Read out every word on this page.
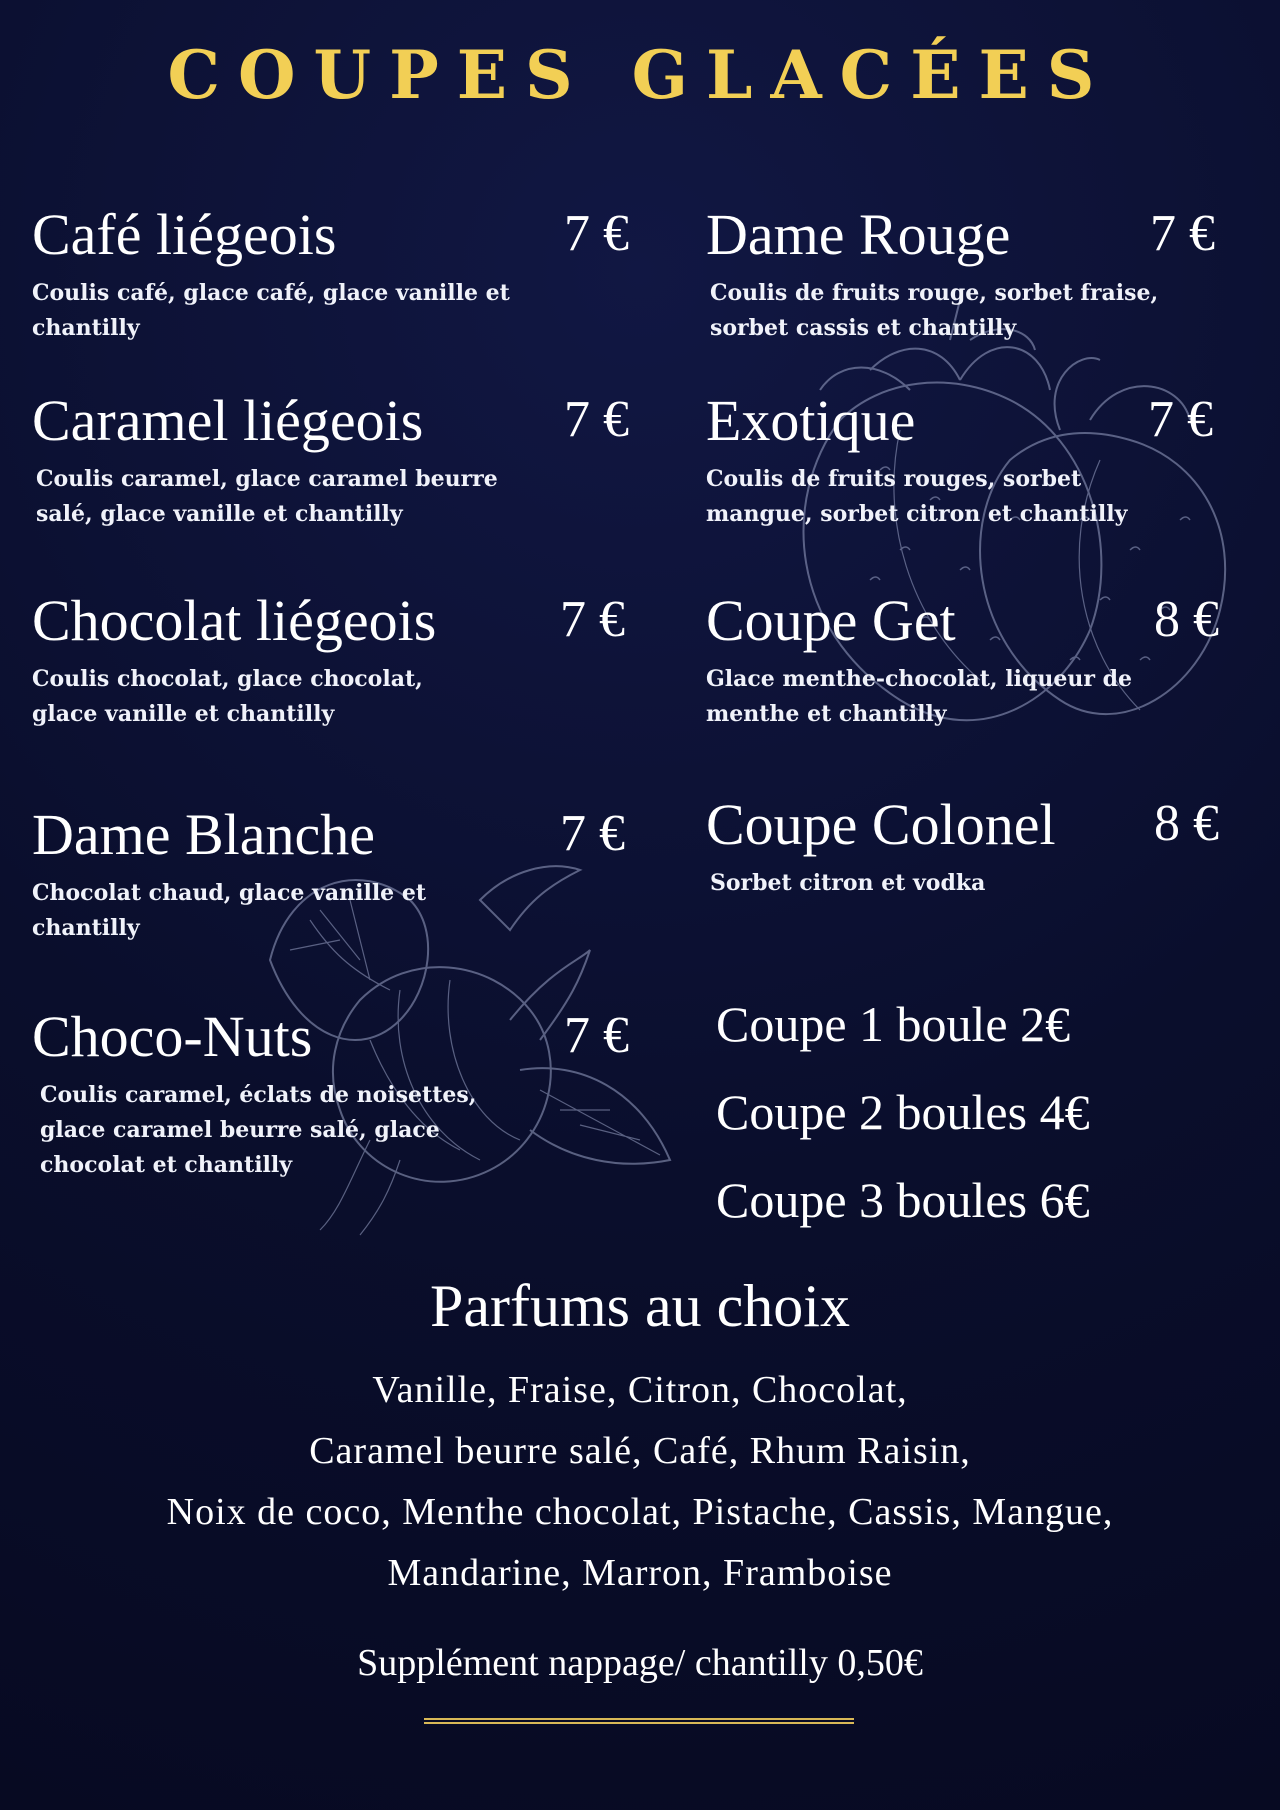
COUPES GLACÉES
Café liégeois	7 €
Coulis café, glace café, glace vanille et chantilly
Caramel liégeois	7 €
Coulis caramel, glace caramel beurre salé, glace vanille et chantilly
Chocolat liégeois	7 €
Coulis chocolat, glace chocolat, glace vanille et chantilly
Dame Blanche	7 €
Chocolat chaud, glace vanille et chantilly
Choco-Nuts	7 €
Coulis caramel, éclats de noisettes, glace caramel beurre salé, glace chocolat et chantilly
Dame Rouge	7 €
Coulis de fruits rouge, sorbet fraise, sorbet cassis et chantilly
Exotique	7 €
Coulis de fruits rouges, sorbet mangue, sorbet citron et chantilly
Coupe Get	8 €
Glace menthe-chocolat, liqueur de menthe et chantilly
Coupe Colonel	8 €
Sorbet citron et vodka
Coupe 1 boule 2€
Coupe 2 boules 4€
Coupe 3 boules 6€
Parfums au choix
Vanille, Fraise, Citron, Chocolat,
Caramel beurre salé, Café, Rhum Raisin,
Noix de coco, Menthe chocolat, Pistache, Cassis, Mangue,
Mandarine, Marron, Framboise
Supplément nappage/ chantilly 0,50€
